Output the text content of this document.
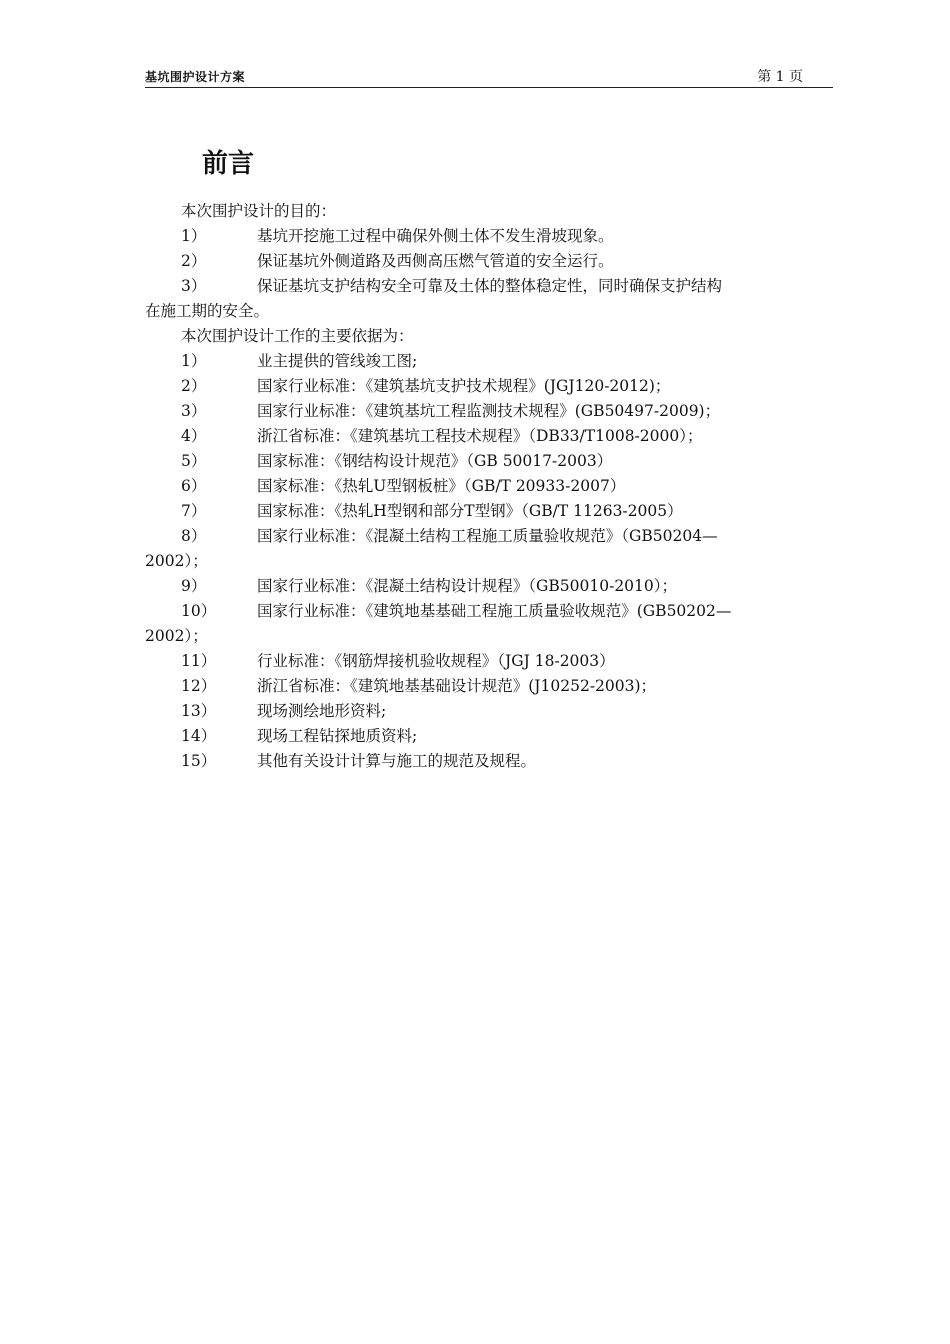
基坑围护设计方案	第 1 页
前言
本次围护设计的目的：
1）	基坑开挖施工过程中确保外侧土体不发生滑坡现象。
2）	保证基坑外侧道路及西侧高压燃气管道的安全运行。
3）	保证基坑支护结构安全可靠及土体的整体稳定性，同时确保支护结构
在施工期的安全。
本次围护设计工作的主要依据为：
1）	业主提供的管线竣工图;
2）	国家行业标准：《建筑基坑支护技术规程》(JGJ120-2012)；
3）	国家行业标准：《建筑基坑工程监测技术规程》(GB50497-2009)；
4）	浙江省标准：《建筑基坑工程技术规程》（DB33/T1008-2000）；
5）	国家标准：《钢结构设计规范》（GB 50017-2003）
6）	国家标准：《热轧U型钢板桩》（GB/T 20933-2007）
7）	国家标准：《热轧H型钢和部分T型钢》（GB/T 11263-2005）
8）	国家行业标准：《混凝土结构工程施工质量验收规范》（GB50204—
2002）；
9）	国家行业标准：《混凝土结构设计规程》（GB50010-2010）；
10）	国家行业标准：《建筑地基基础工程施工质量验收规范》(GB50202—
2002）；
11）	行业标准：《钢筋焊接机验收规程》（JGJ 18-2003）
12）	浙江省标准：《建筑地基基础设计规范》(J10252-2003)；
13）	现场测绘地形资料;
14）	现场工程钻探地质资料;
15）	其他有关设计计算与施工的规范及规程。
